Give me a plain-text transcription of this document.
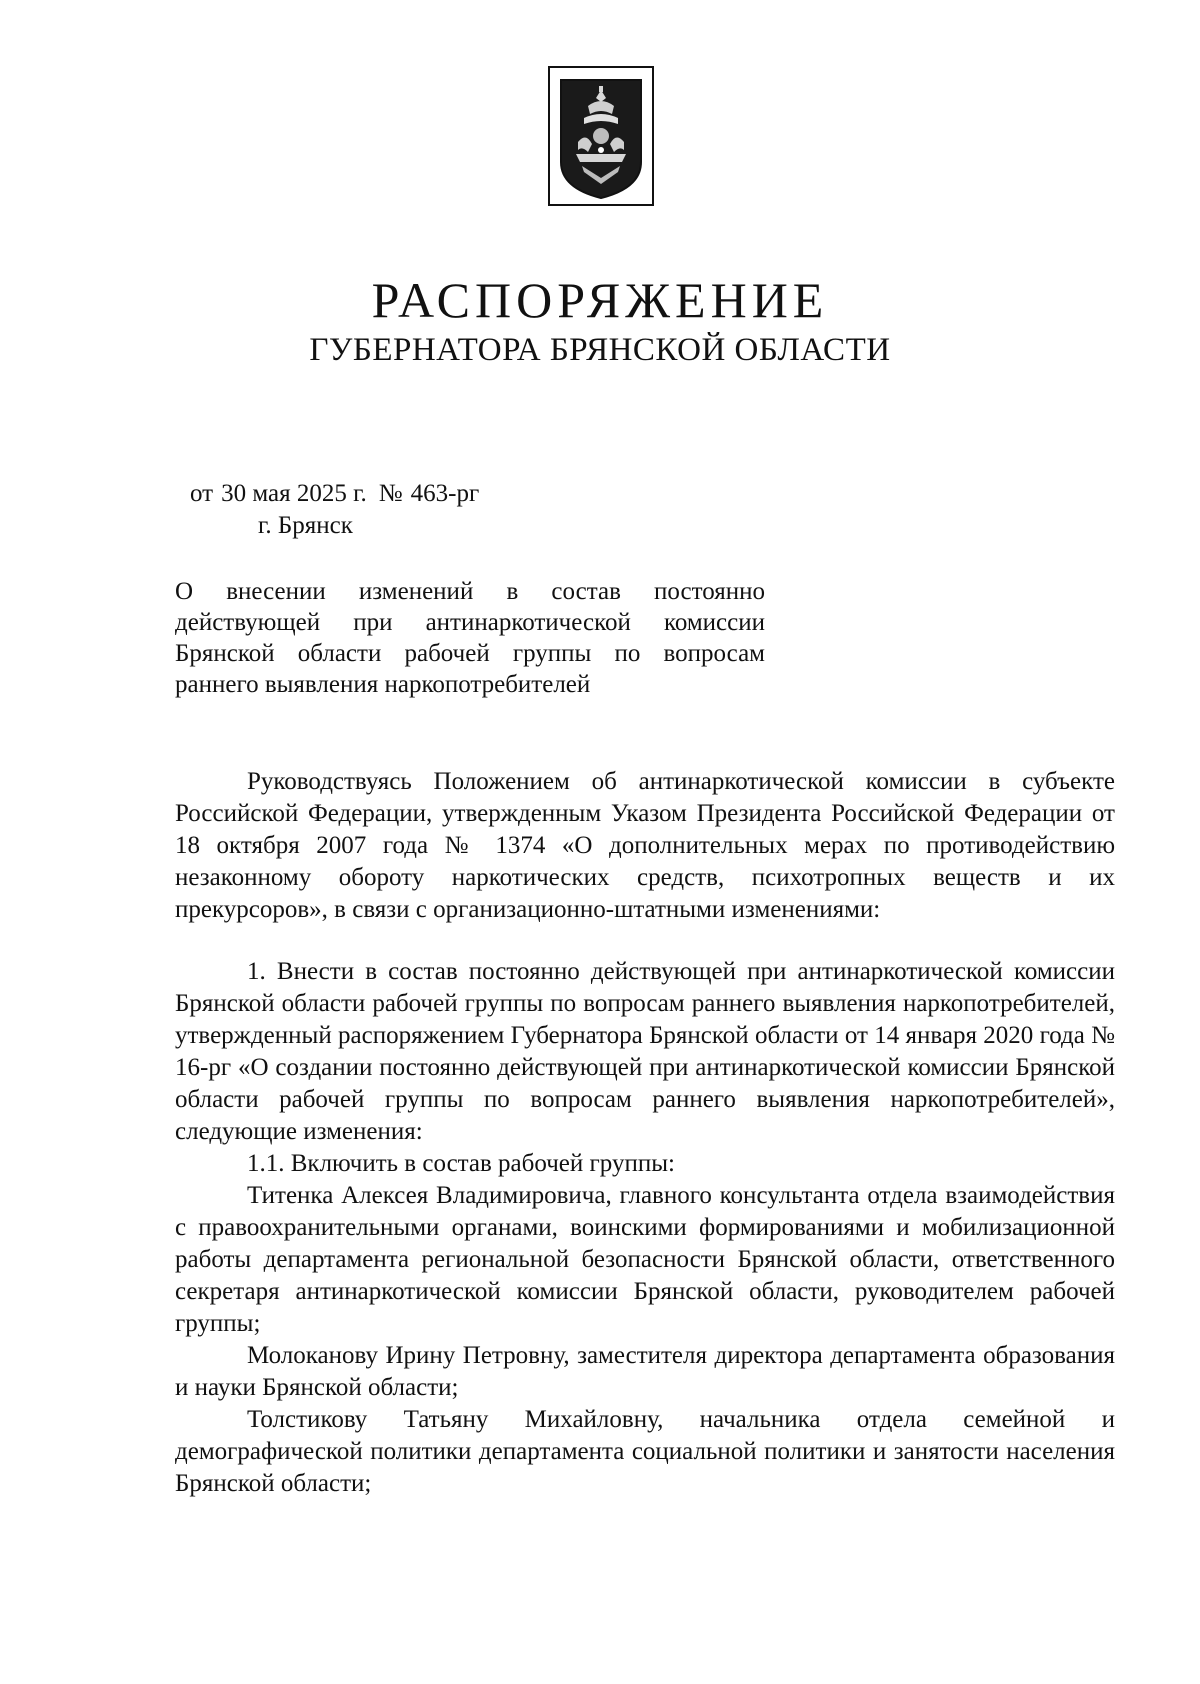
РАСПОРЯЖЕНИЕ
ГУБЕРНАТОРА БРЯНСКОЙ ОБЛАСТИ
от 30 мая 2025 г. № 463-рг
г. Брянск

О внесении изменений в состав постоянно действующей при антинаркотической комиссии Брянской области рабочей группы по вопросам раннего выявления наркопотребителей

Руководствуясь Положением об антинаркотической комиссии в субъекте Российской Федерации, утвержденным Указом Президента Российской Федерации от 18 октября 2007 года № 1374 «О дополнительных мерах по противодействию незаконному обороту наркотических средств, психотропных веществ и их прекурсоров», в связи с организационно-штатными изменениями:

1. Внести в состав постоянно действующей при антинаркотической комиссии Брянской области рабочей группы по вопросам раннего выявления наркопотребителей, утвержденный распоряжением Губернатора Брянской области от 14 января 2020 года № 16-рг «О создании постоянно действующей при антинаркотической комиссии Брянской области рабочей группы по вопросам раннего выявления наркопотребителей», следующие изменения:

1.1. Включить в состав рабочей группы:

Титенка Алексея Владимировича, главного консультанта отдела взаимодействия с правоохранительными органами, воинскими формированиями и мобилизационной работы департамента региональной безопасности Брянской области, ответственного секретаря антинаркотической комиссии Брянской области, руководителем рабочей группы;

Молоканову Ирину Петровну, заместителя директора департамента образования и науки Брянской области;

Толстикову Татьяну Михайловну, начальника отдела семейной и демографической политики департамента социальной политики и занятости населения Брянской области;
